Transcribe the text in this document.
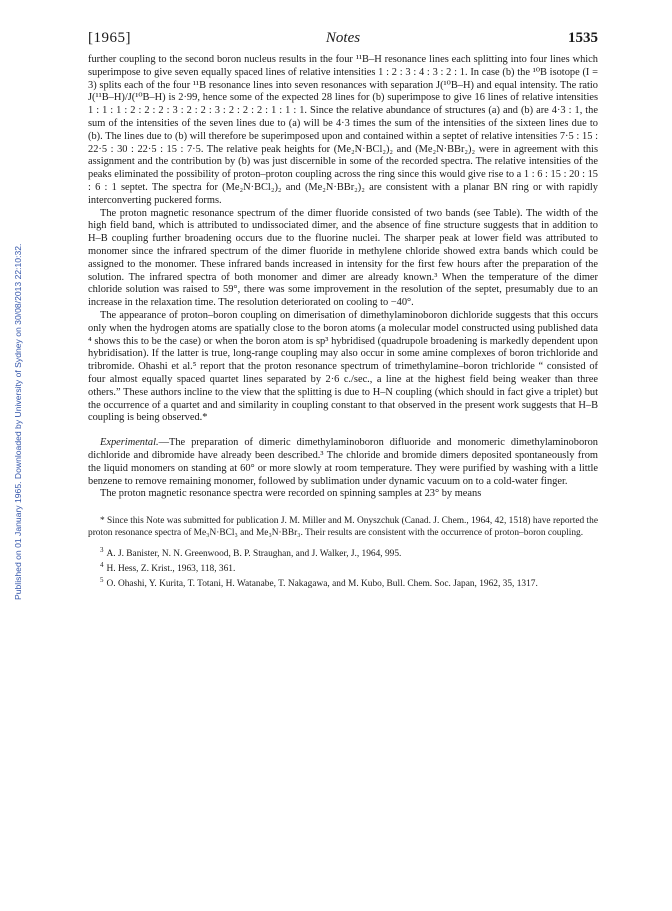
Published on 01 January 1965. Downloaded by University of Sydney on 30/08/2013 22:10:32.
[1965]	Notes	1535

further coupling to the second boron nucleus results in the four ¹¹B–H resonance lines each splitting into four lines which superimpose to give seven equally spaced lines of relative intensities 1 : 2 : 3 : 4 : 3 : 2 : 1. In case (b) the ¹⁰B isotope (I = 3) splits each of the four ¹¹B resonance lines into seven resonances with separation J(¹⁰B–H) and equal intensity. The ratio J(¹¹B–H)/J(¹⁰B–H) is 2·99, hence some of the expected 28 lines for (b) superimpose to give 16 lines of relative intensities 1 : 1 : 1 : 2 : 2 : 2 : 3 : 2 : 2 : 3 : 2 : 2 : 2 : 1 : 1 : 1. Since the relative abundance of structures (a) and (b) are 4·3 : 1, the sum of the intensities of the seven lines due to (a) will be 4·3 times the sum of the intensities of the sixteen lines due to (b). The lines due to (b) will therefore be superimposed upon and contained within a septet of relative intensities 7·5 : 15 : 22·5 : 30 : 22·5 : 15 : 7·5. The relative peak heights for (Me₂N·BCl₂)₂ and (Me₂N·BBr₂)₂ were in agreement with this assignment and the contribution by (b) was just discernible in some of the recorded spectra. The relative intensities of the peaks eliminated the possibility of proton–proton coupling across the ring since this would give rise to a 1 : 6 : 15 : 20 : 15 : 6 : 1 septet. The spectra for (Me₂N·BCl₂)₂ and (Me₂N·BBr₂)₂ are consistent with a planar BN ring or with rapidly interconverting puckered forms.

The proton magnetic resonance spectrum of the dimer fluoride consisted of two bands (see Table). The width of the high field band, which is attributed to undissociated dimer, and the absence of fine structure suggests that in addition to H–B coupling further broadening occurs due to the fluorine nuclei. The sharper peak at lower field was attributed to monomer since the infrared spectrum of the dimer fluoride in methylene chloride showed extra bands which could be assigned to the monomer. These infrared bands increased in intensity for the first few hours after the preparation of the solution. The infrared spectra of both monomer and dimer are already known.³ When the temperature of the dimer chloride solution was raised to 59°, there was some improvement in the resolution of the septet, presumably due to an increase in the relaxation time. The resolution deteriorated on cooling to −40°.

The appearance of proton–boron coupling on dimerisation of dimethylaminoboron dichloride suggests that this occurs only when the hydrogen atoms are spatially close to the boron atoms (a molecular model constructed using published data ⁴ shows this to be the case) or when the boron atom is sp³ hybridised (quadrupole broadening is markedly dependent upon hybridisation). If the latter is true, long-range coupling may also occur in some amine complexes of boron trichloride and tribromide. Ohashi et al.⁵ report that the proton resonance spectrum of trimethylamine–boron trichloride “ consisted of four almost equally spaced quartet lines separated by 2·6 c./sec., a line at the highest field being weaker than three others.” These authors incline to the view that the splitting is due to H–N coupling (which should in fact give a triplet) but the occurrence of a quartet and and similarity in coupling constant to that observed in the present work suggests that H–B coupling is being observed.*

Experimental.—The preparation of dimeric dimethylaminoboron difluoride and monomeric dimethylaminoboron dichloride and dibromide have already been described.³ The chloride and bromide dimers deposited spontaneously from the liquid monomers on standing at 60° or more slowly at room temperature. They were purified by washing with a little benzene to remove remaining monomer, followed by sublimation under dynamic vacuum on to a cold-water finger.

The proton magnetic resonance spectra were recorded on spinning samples at 23° by means

* Since this Note was submitted for publication J. M. Miller and M. Onyszchuk (Canad. J. Chem., 1964, 42, 1518) have reported the proton resonance spectra of Me₃N·BCl₃ and Me₃N·BBr₃. Their results are consistent with the occurrence of proton–boron coupling.

$^3$ A. J. Banister, N. N. Greenwood, B. P. Straughan, and J. Walker, J., 1964, 995.

$^4$ H. Hess, Z. Krist., 1963, 118, 361.

$^5$ O. Ohashi, Y. Kurita, T. Totani, H. Watanabe, T. Nakagawa, and M. Kubo, Bull. Chem. Soc. Japan, 1962, 35, 1317.
